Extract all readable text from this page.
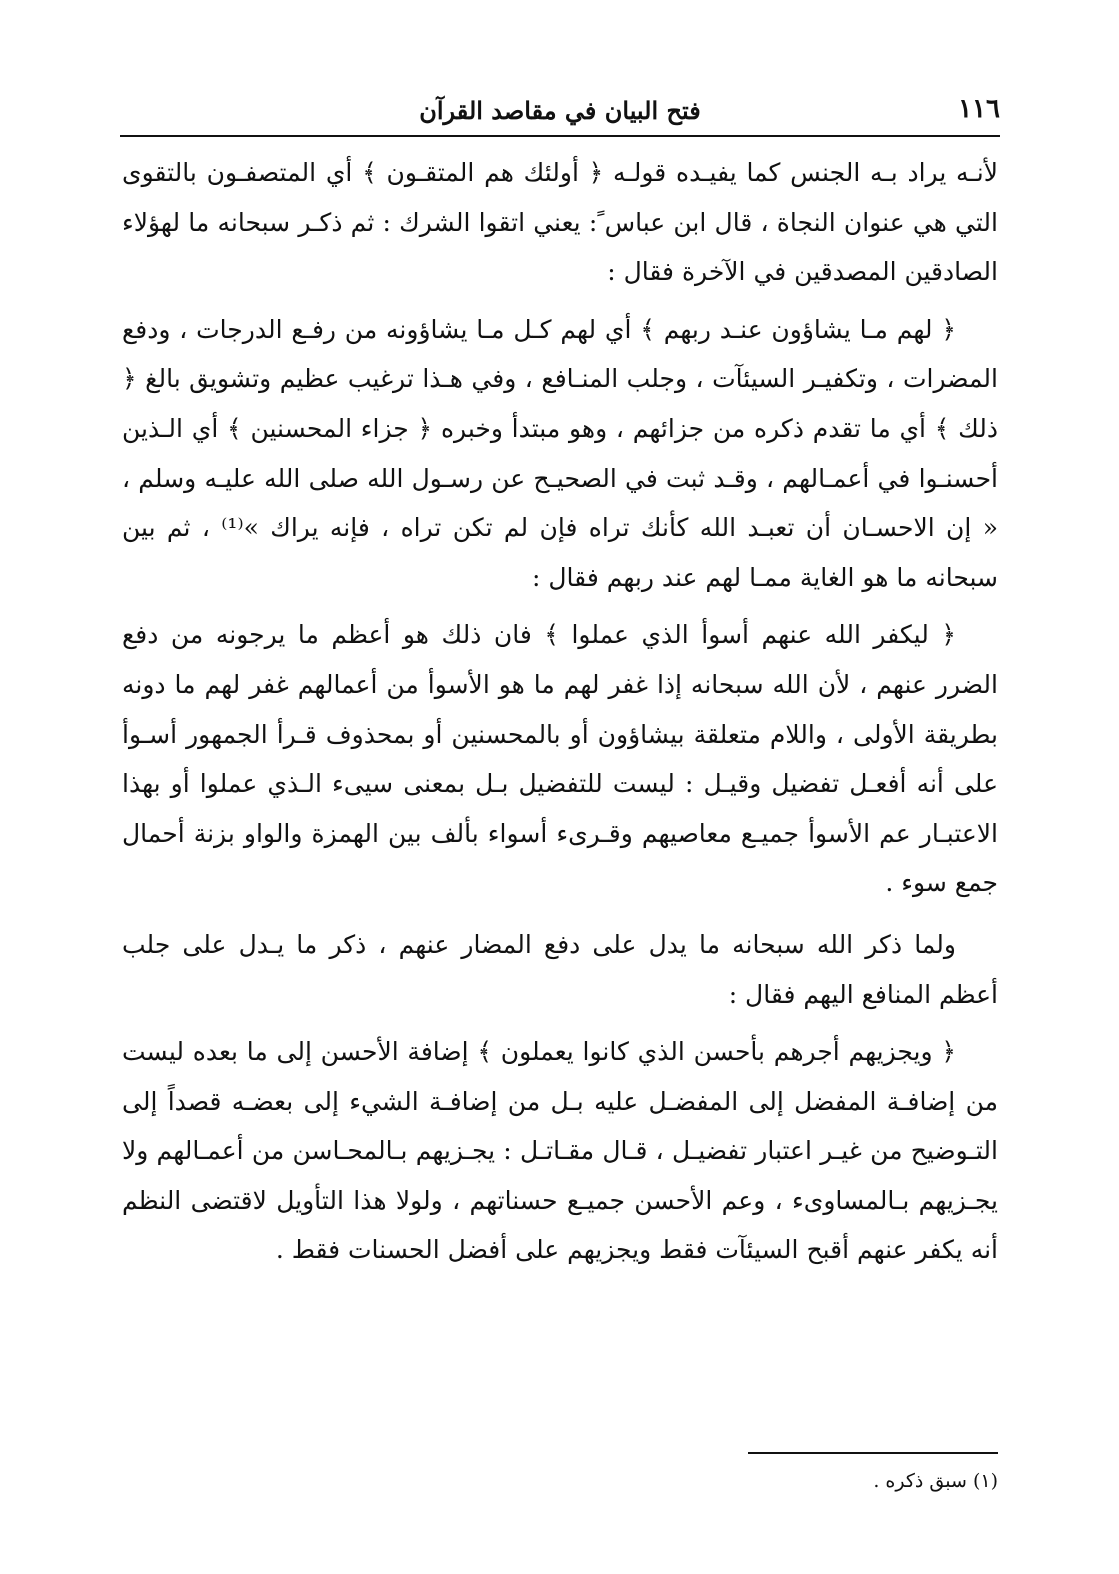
١١٦
فتح البيان في مقاصد القرآن

لأنـه يراد بـه الجنس كما يفيـده قولـه ﴿ أولئك هم المتقـون ﴾ أي المتصفـون بالتقوى التي هي عنوان النجاة ، قال ابن عباسﹰ: يعني اتقوا الشرك : ثم ذكـر سبحانه ما لهؤلاء الصادقين المصدقين في الآخرة فقال :

﴿ لهم مـا يشاؤون عنـد ربهم ﴾ أي لهم كـل مـا يشاؤونه من رفـع الدرجات ، ودفع المضرات ، وتكفيـر السيئآت ، وجلب المنـافع ، وفي هـذا ترغيب عظيم وتشويق بالغ ﴿ ذلك ﴾ أي ما تقدم ذكره من جزائهم ، وهو مبتدأ وخبره ﴿ جزاء المحسنين ﴾ أي الـذين أحسنـوا في أعمـالهم ، وقـد ثبت في الصحيـح عن رسـول الله صلى الله عليـه وسلم ، « إن الاحسـان أن تعبـد الله كأنك تراه فإن لم تكن تراه ، فإنه يراك »⁽¹⁾ ، ثم بين سبحانه ما هو الغاية ممـا لهم عند ربهم فقال :

﴿ ليكفر الله عنهم أسوأ الذي عملوا ﴾ فان ذلك هو أعظم ما يرجونه من دفع الضرر عنهم ، لأن الله سبحانه إذا غفر لهم ما هو الأسوأ من أعمالهم غفر لهم ما دونه بطريقة الأولى ، واللام متعلقة بيشاؤون أو بالمحسنين أو بمحذوف قـرأ الجمهور أسـوأ على أنه أفعـل تفضيل وقيـل : ليست للتفضيل بـل بمعنى سيىء الـذي عملوا أو بهذا الاعتبـار عم الأسوأ جميـع معاصيهم وقـرىء أسواء بألف بين الهمزة والواو بزنة أحمال جمع سوء .

ولما ذكر الله سبحانه ما يدل على دفع المضار عنهم ، ذكر ما يـدل على جلب أعظم المنافع اليهم فقال :

﴿ ويجزيهم أجرهم بأحسن الذي كانوا يعملون ﴾ إضافة الأحسن إلى ما بعده ليست من إضافـة المفضل إلى المفضـل عليه بـل من إضافـة الشيء إلى بعضـه قصداً إلى التـوضيح من غيـر اعتبار تفضيـل ، قـال مقـاتـل : يجـزيهم بـالمحـاسن من أعمـالهم ولا يجـزيهم بـالمساوىء ، وعم الأحسن جميـع حسناتهم ، ولولا هذا التأويل لاقتضى النظم أنه يكفر عنهم أقبح السيئآت فقط ويجزيهم على أفضل الحسنات فقط .

(١) سبق ذكره .
